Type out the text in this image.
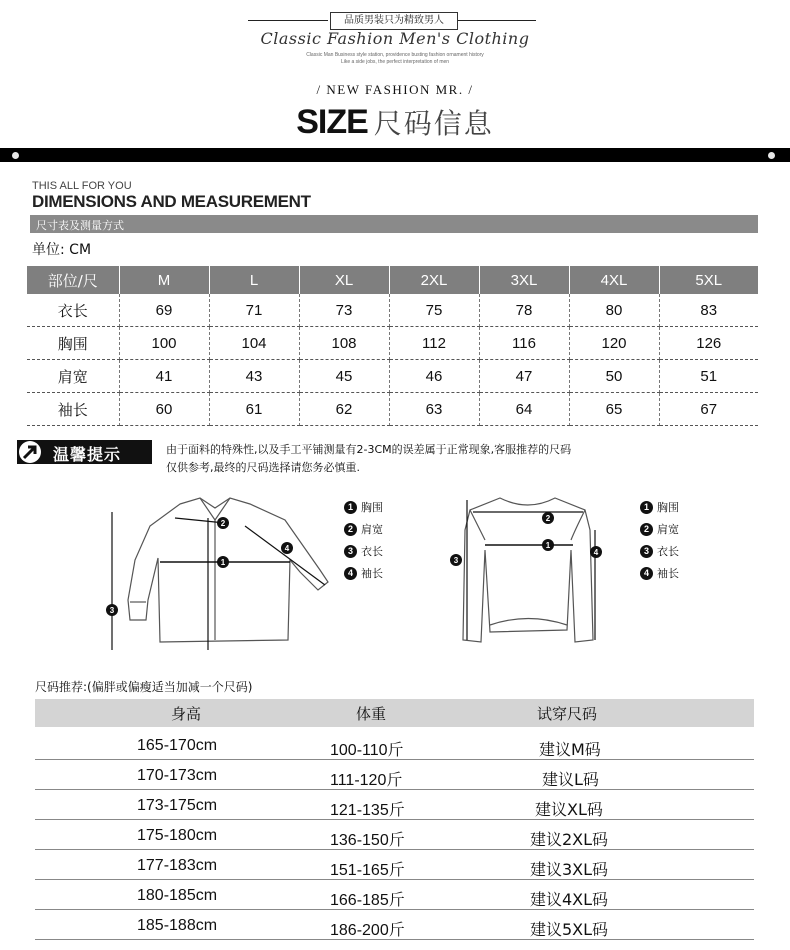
品质男装只为精致男人
Classic Fashion Men's Clothing
Classic Man Business style station, providence busting fashion ornament history
Like a side jobs, the perfect interpretation of men
/ NEW FASHION MR. /
SIZE 尺码信息
THIS ALL FOR YOU
DIMENSIONS AND MEASUREMENT
尺寸表及测量方式
单位: CM
部位/尺	M	L	XL	2XL	3XL	4XL	5XL
衣长	69	71	73	75	78	80	83
胸围	100	104	108	112	116	120	126
肩宽	41	43	45	46	47	50	51
袖长	60	61	62	63	64	65	67
温馨提示	由于面料的特殊性,以及手工平铺测量有2-3CM的误差属于正常现象,客服推荐的尺码
仅供参考,最终的尺码选择请您务必慎重.
2
1
4
3
1 胸围
2 肩宽
3 衣长
4 袖长
2
1
3
4
1 胸围
2 肩宽
3 衣长
4 袖长
尺码推荐:(偏胖或偏瘦适当加减一个尺码)
身高	体重	试穿尺码
165-170cm	100-110斤	建议M码
170-173cm	111-120斤	建议L码
173-175cm	121-135斤	建议XL码
175-180cm	136-150斤	建议2XL码
177-183cm	151-165斤	建议3XL码
180-185cm	166-185斤	建议4XL码
185-188cm	186-200斤	建议5XL码
